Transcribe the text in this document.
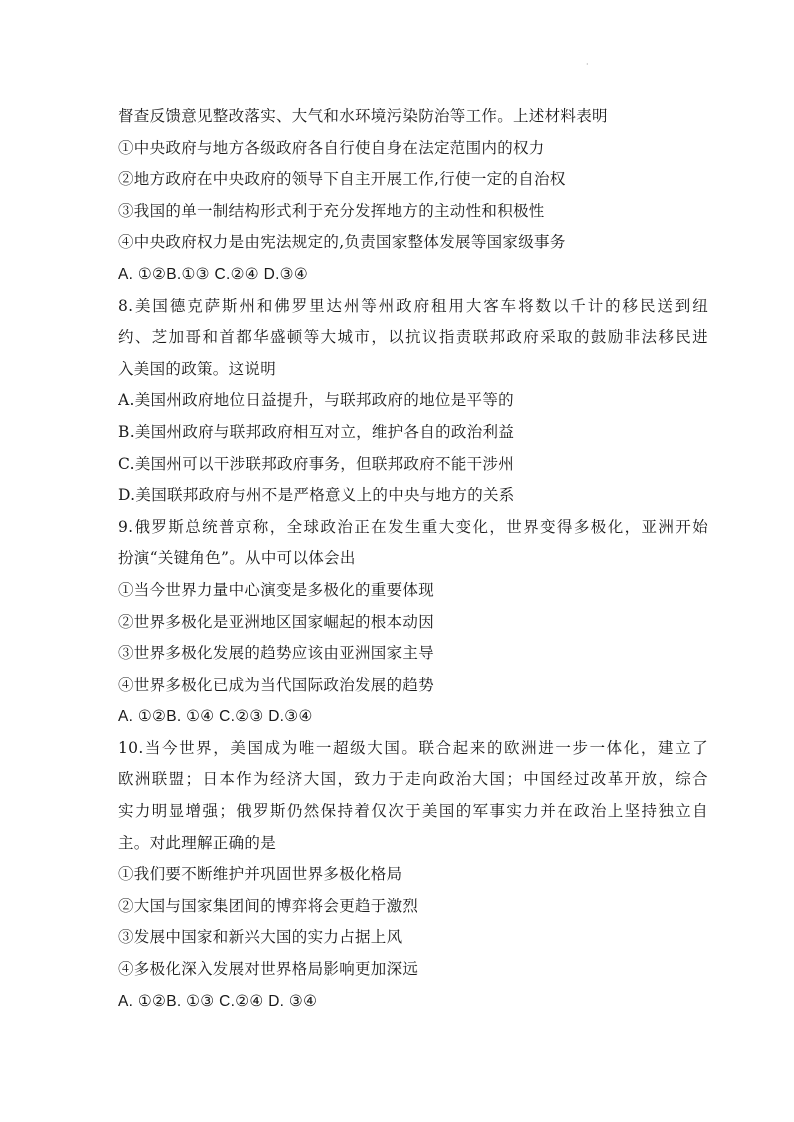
·
督查反馈意见整改落实、大气和水环境污染防治等工作。上述材料表明
①中央政府与地方各级政府各自行使自身在法定范围内的权力
②地方政府在中央政府的领导下自主开展工作,行使一定的自治权
③我国的单一制结构形式利于充分发挥地方的主动性和积极性
④中央政府权力是由宪法规定的,负责国家整体发展等国家级事务
A. ①②B.①③ C.②④ D.③④
8.美国德克萨斯州和佛罗里达州等州政府租用大客车将数以千计的移民送到纽
约、芝加哥和首都华盛顿等大城市，以抗议指责联邦政府采取的鼓励非法移民进
入美国的政策。这说明
A.美国州政府地位日益提升，与联邦政府的地位是平等的
B.美国州政府与联邦政府相互对立，维护各自的政治利益
C.美国州可以干涉联邦政府事务，但联邦政府不能干涉州
D.美国联邦政府与州不是严格意义上的中央与地方的关系
9.俄罗斯总统普京称，全球政治正在发生重大变化，世界变得多极化，亚洲开始
扮演“关键角色”。从中可以体会出
①当今世界力量中心演变是多极化的重要体现
②世界多极化是亚洲地区国家崛起的根本动因
③世界多极化发展的趋势应该由亚洲国家主导
④世界多极化已成为当代国际政治发展的趋势
A. ①②B. ①④ C.②③ D.③④
10.当今世界，美国成为唯一超级大国。联合起来的欧洲进一步一体化，建立了
欧洲联盟；日本作为经济大国，致力于走向政治大国；中国经过改革开放，综合
实力明显增强；俄罗斯仍然保持着仅次于美国的军事实力并在政治上坚持独立自
主。对此理解正确的是
①我们要不断维护并巩固世界多极化格局
②大国与国家集团间的博弈将会更趋于激烈
③发展中国家和新兴大国的实力占据上风
④多极化深入发展对世界格局影响更加深远
A. ①②B. ①③ C.②④ D. ③④
